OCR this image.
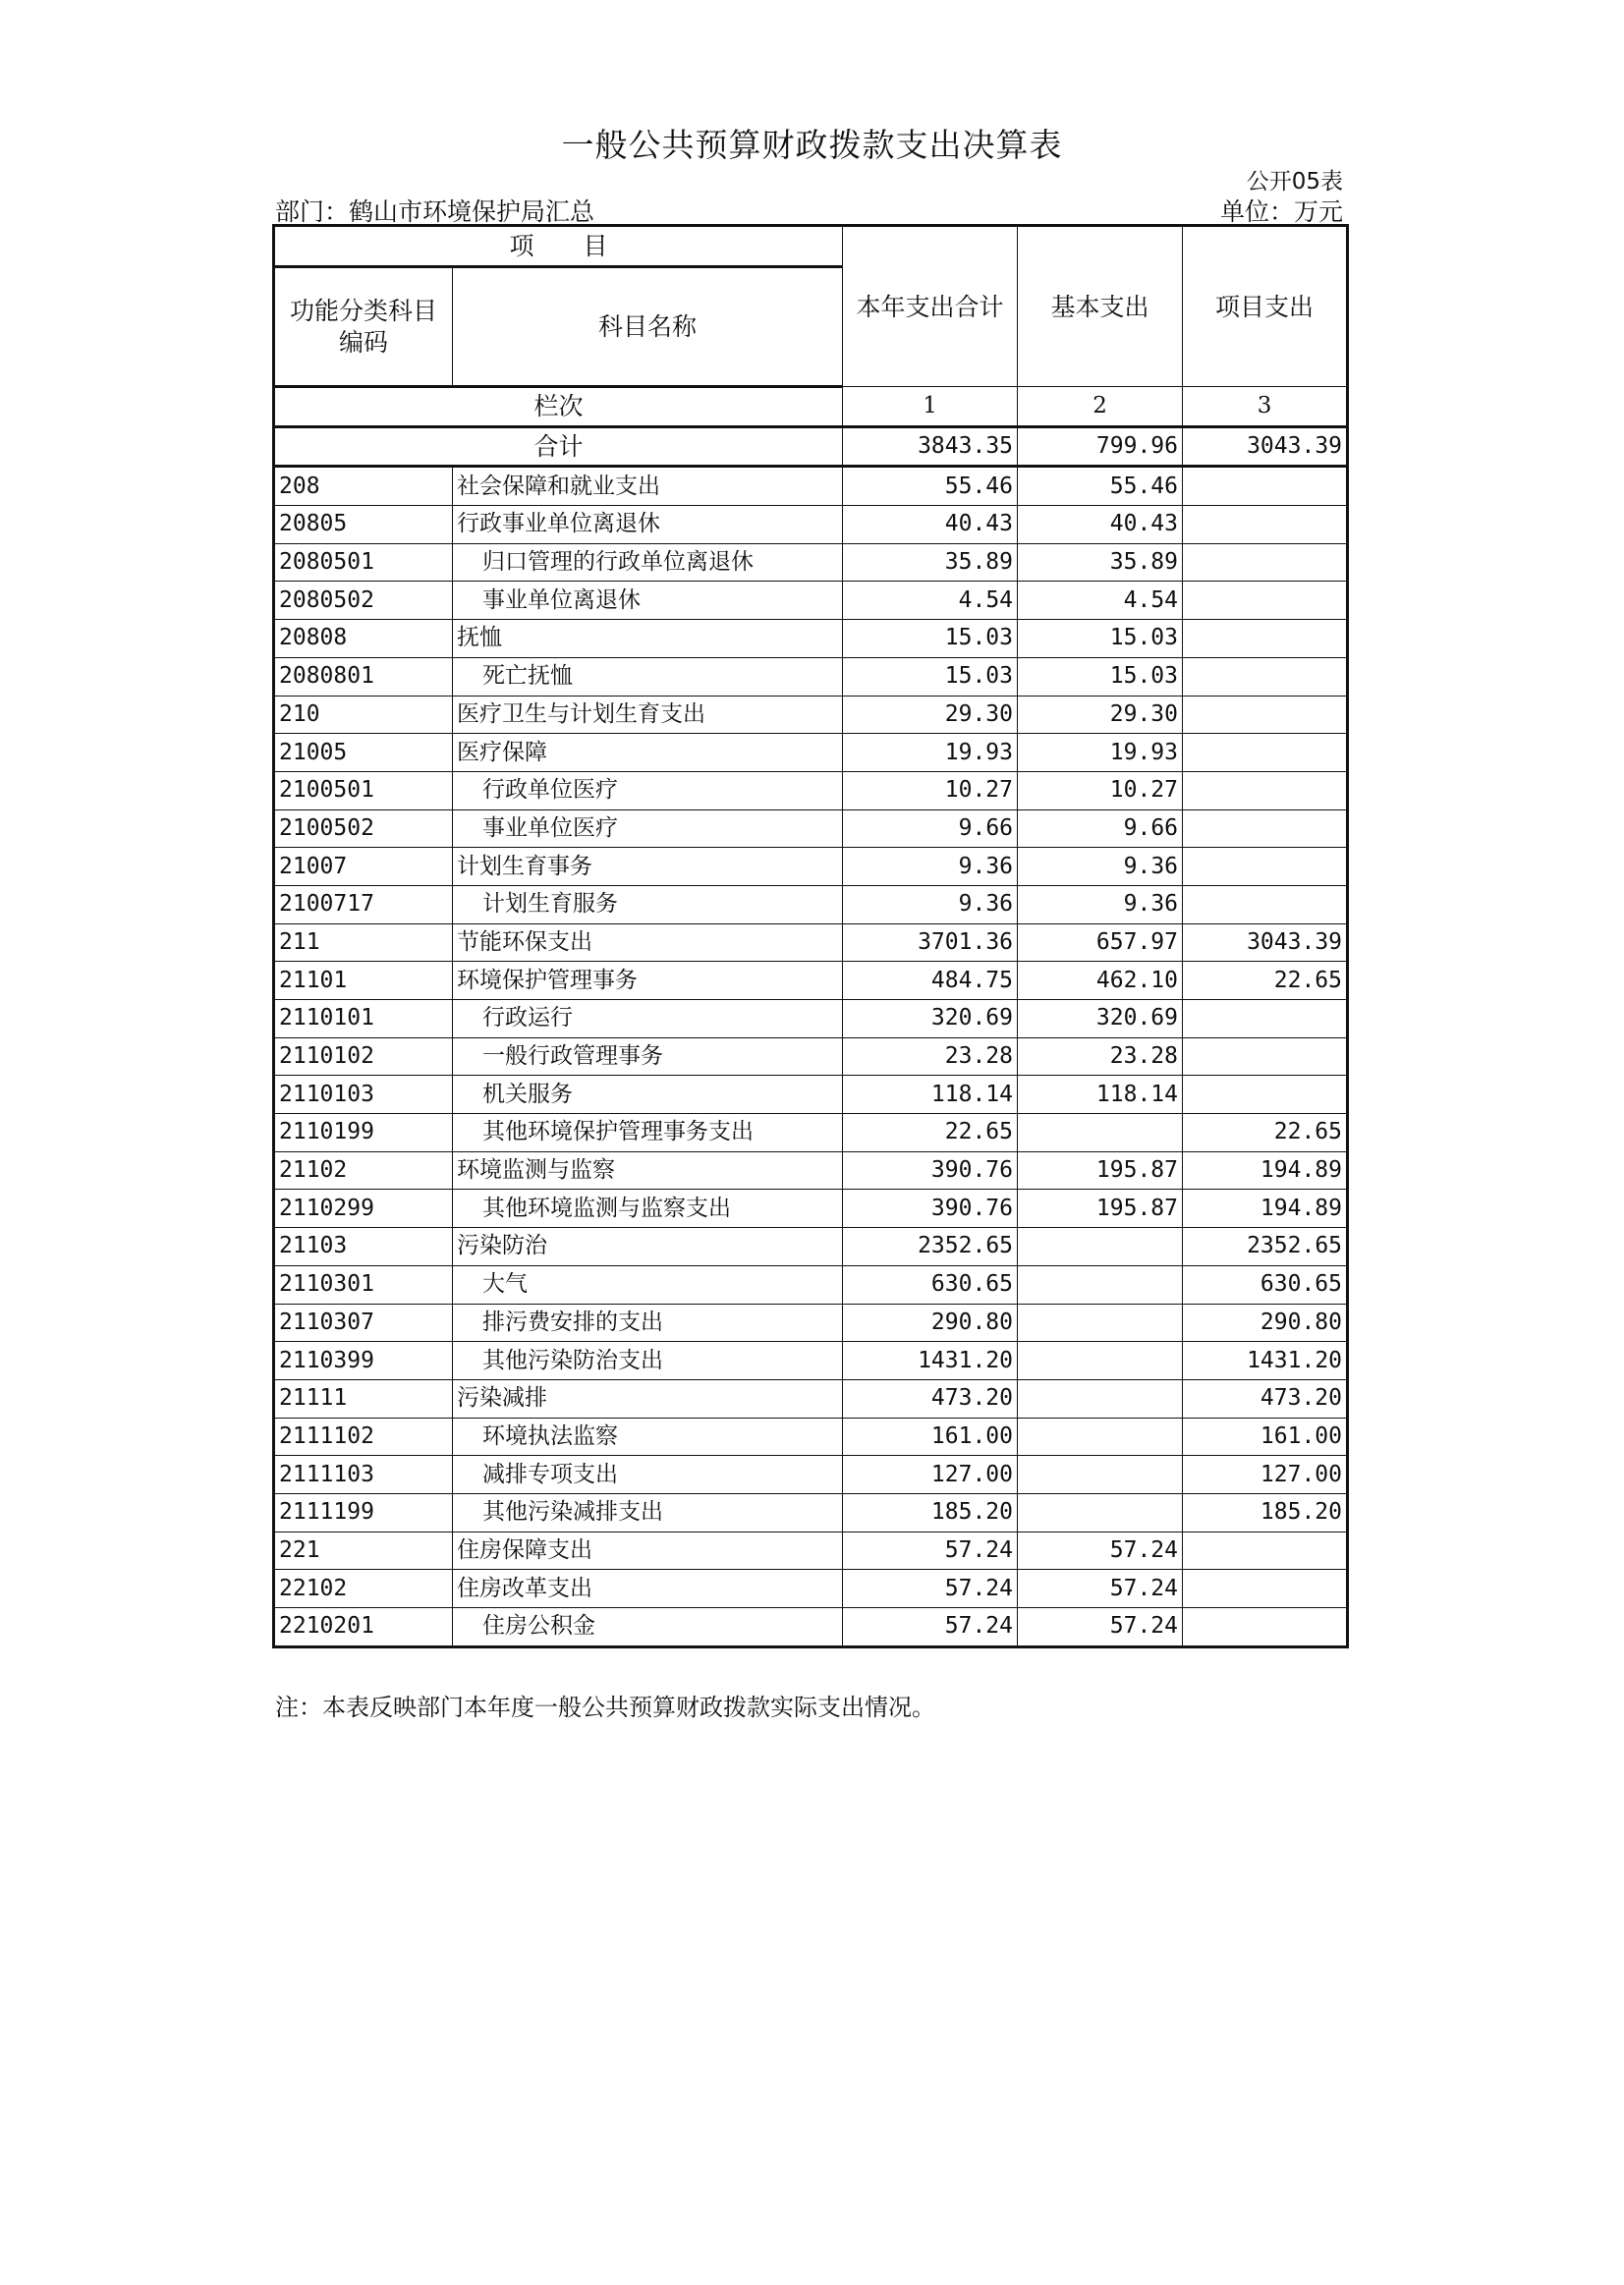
一般公共预算财政拨款支出决算表
公开05表
部门：鹤山市环境保护局汇总	单位：万元
项　　目		本年支出合计	基本支出	项目支出
功能分类科目编码	科目名称			
栏次		1	2	3
合计		3843.35	799.96	3043.39
208	社会保障和就业支出	55.46	55.46	
20805	行政事业单位离退休	40.43	40.43	
2080501	归口管理的行政单位离退休	35.89	35.89	
2080502	事业单位离退休	4.54	4.54	
20808	抚恤	15.03	15.03	
2080801	死亡抚恤	15.03	15.03	
210	医疗卫生与计划生育支出	29.30	29.30	
21005	医疗保障	19.93	19.93	
2100501	行政单位医疗	10.27	10.27	
2100502	事业单位医疗	9.66	9.66	
21007	计划生育事务	9.36	9.36	
2100717	计划生育服务	9.36	9.36	
211	节能环保支出	3701.36	657.97	3043.39
21101	环境保护管理事务	484.75	462.10	22.65
2110101	行政运行	320.69	320.69	
2110102	一般行政管理事务	23.28	23.28	
2110103	机关服务	118.14	118.14	
2110199	其他环境保护管理事务支出	22.65		22.65
21102	环境监测与监察	390.76	195.87	194.89
2110299	其他环境监测与监察支出	390.76	195.87	194.89
21103	污染防治	2352.65		2352.65
2110301	大气	630.65		630.65
2110307	排污费安排的支出	290.80		290.80
2110399	其他污染防治支出	1431.20		1431.20
21111	污染减排	473.20		473.20
2111102	环境执法监察	161.00		161.00
2111103	减排专项支出	127.00		127.00
2111199	其他污染减排支出	185.20		185.20
221	住房保障支出	57.24	57.24	
22102	住房改革支出	57.24	57.24	
2210201	住房公积金	57.24	57.24	
注：本表反映部门本年度一般公共预算财政拨款实际支出情况。
